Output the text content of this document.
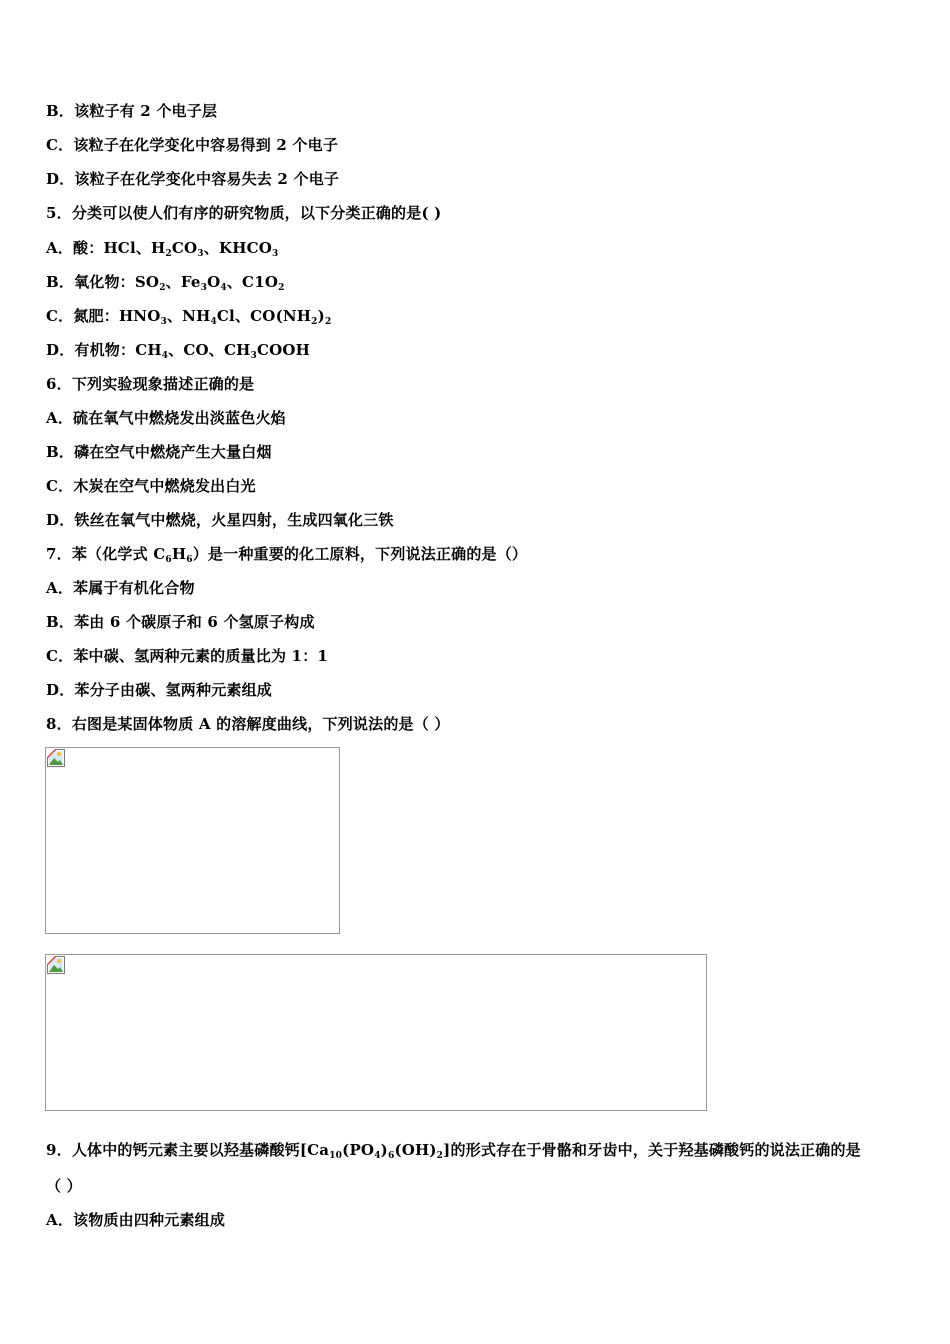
B．该粒子有 2 个电子层
C．该粒子在化学变化中容易得到 2 个电子
D．该粒子在化学变化中容易失去 2 个电子
5．分类可以使人们有序的研究物质，以下分类正确的是( )
A．酸：HCl、$H_2CO_3$、$KHCO_3$
B．氧化物：$SO_2$、$Fe_3O_4$、$C1O_2$
C．氮肥：$HNO_3$、$NH_4Cl$、$CO(NH_2)_2$
D．有机物：$CH_4$、CO、$CH_3COOH$
6．下列实验现象描述正确的是
A．硫在氧气中燃烧发出淡蓝色火焰
B．磷在空气中燃烧产生大量白烟
C．木炭在空气中燃烧发出白光
D．铁丝在氧气中燃烧，火星四射，生成四氧化三铁
7．苯（化学式 $C_6H_6$）是一种重要的化工原料，下列说法正确的是（）
A．苯属于有机化合物
B．苯由 6 个碳原子和 6 个氢原子构成
C．苯中碳、氢两种元素的质量比为 1：1
D．苯分子由碳、氢两种元素组成
8．右图是某固体物质 A 的溶解度曲线，下列说法的是（ ）
9．人体中的钙元素主要以羟基磷酸钙$[Ca_{10}(PO_4)_6(OH)_2]$的形式存在于骨骼和牙齿中，关于羟基磷酸钙的说法正确的是
（ ）
A．该物质由四种元素组成
